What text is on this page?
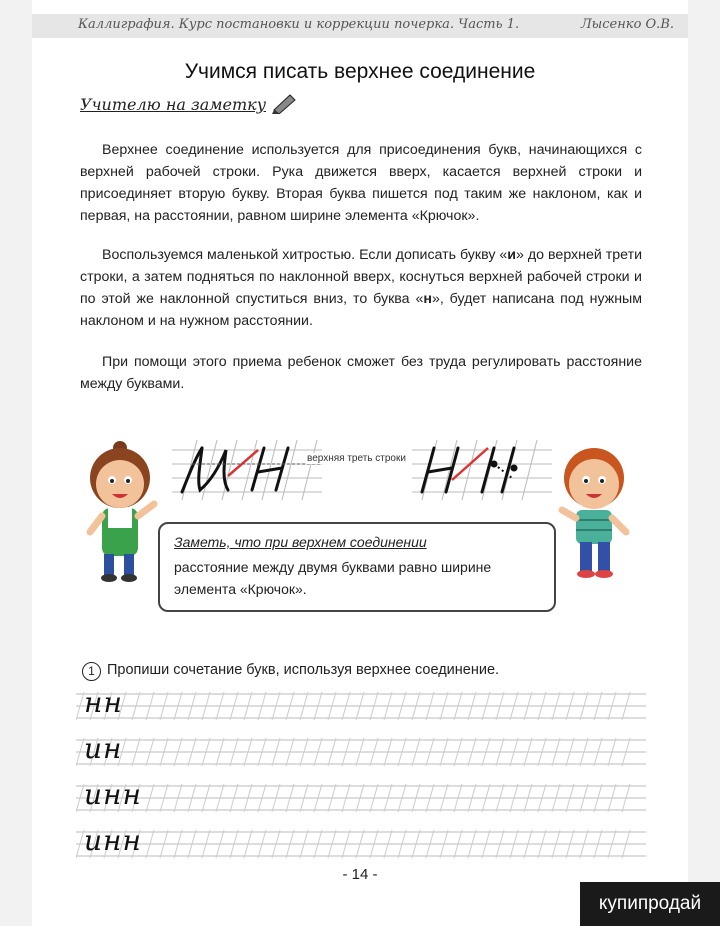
Каллиграфия. Курс постановки и коррекции почерка. Часть 1.	Лысенко О.В.
Учимся писать верхнее соединение
Учителю на заметку
Верхнее соединение используется для присоединения букв, начинающихся с верхней рабочей строки. Рука движется вверх, касается верхней строки и присоединяет вторую букву. Вторая буква пишется под таким же наклоном, как и первая, на расстоянии, равном ширине элемента «Крючок».
Воспользуемся маленькой хитростью. Если дописать букву «и» до верхней трети строки, а затем подняться по наклонной вверх, коснуться верхней рабочей строки и по этой же наклонной спуститься вниз, то буква «н», будет написана под нужным наклоном и на нужном расстоянии.
При помощи этого приема ребенок сможет без труда регулировать расстояние между буквами.
верхняя треть строки
Заметь, что при верхнем соединении
расстояние между двумя буквами равно ширине элемента «Крючок».
1 Пропиши сочетание букв, используя верхнее соединение.
нн
ин
инн
инн
- 14 -
купипродай
